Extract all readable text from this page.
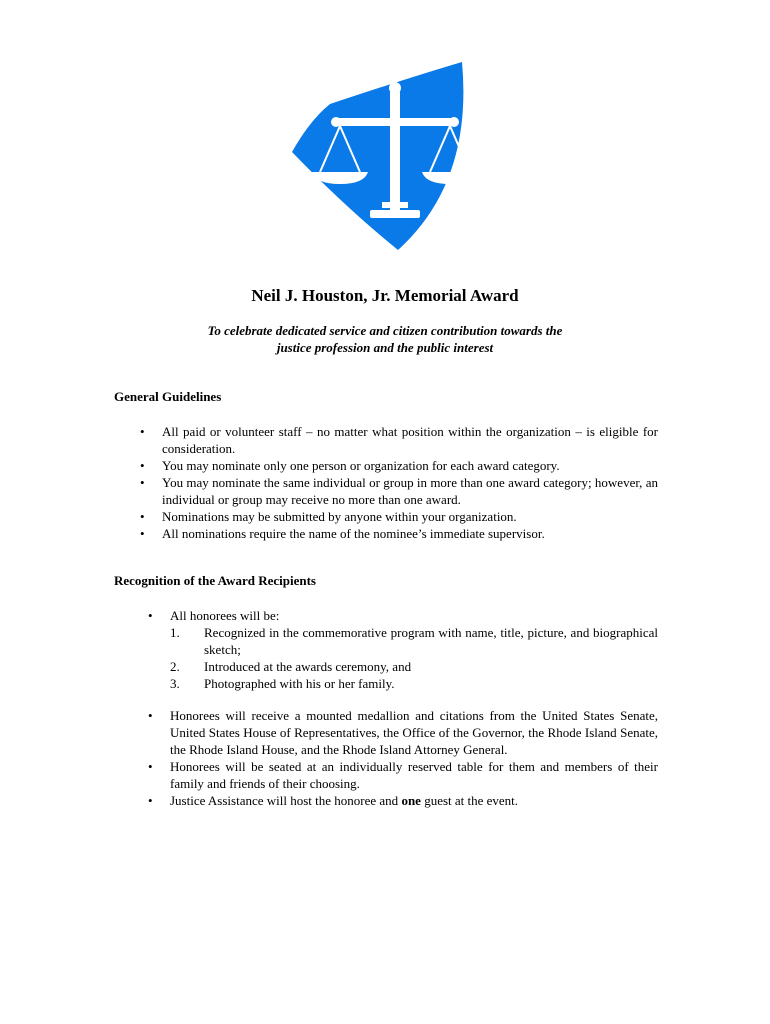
Neil J. Houston, Jr. Memorial Award
To celebrate dedicated service and citizen contribution towards the
justice profession and the public interest
General Guidelines
• All paid or volunteer staff – no matter what position within the organization – is eligible for consideration.
• You may nominate only one person or organization for each award category.
• You may nominate the same individual or group in more than one award category; however, an individual or group may receive no more than one award.
• Nominations may be submitted by anyone within your organization.
• All nominations require the name of the nominee’s immediate supervisor.
Recognition of the Award Recipients
• All honorees will be:
1. Recognized in the commemorative program with name, title, picture, and biographical sketch;
2. Introduced at the awards ceremony, and
3. Photographed with his or her family.
• Honorees will receive a mounted medallion and citations from the United States Senate, United States House of Representatives, the Office of the Governor, the Rhode Island Senate, the Rhode Island House, and the Rhode Island Attorney General.
• Honorees will be seated at an individually reserved table for them and members of their family and friends of their choosing.
• Justice Assistance will host the honoree and one guest at the event.
